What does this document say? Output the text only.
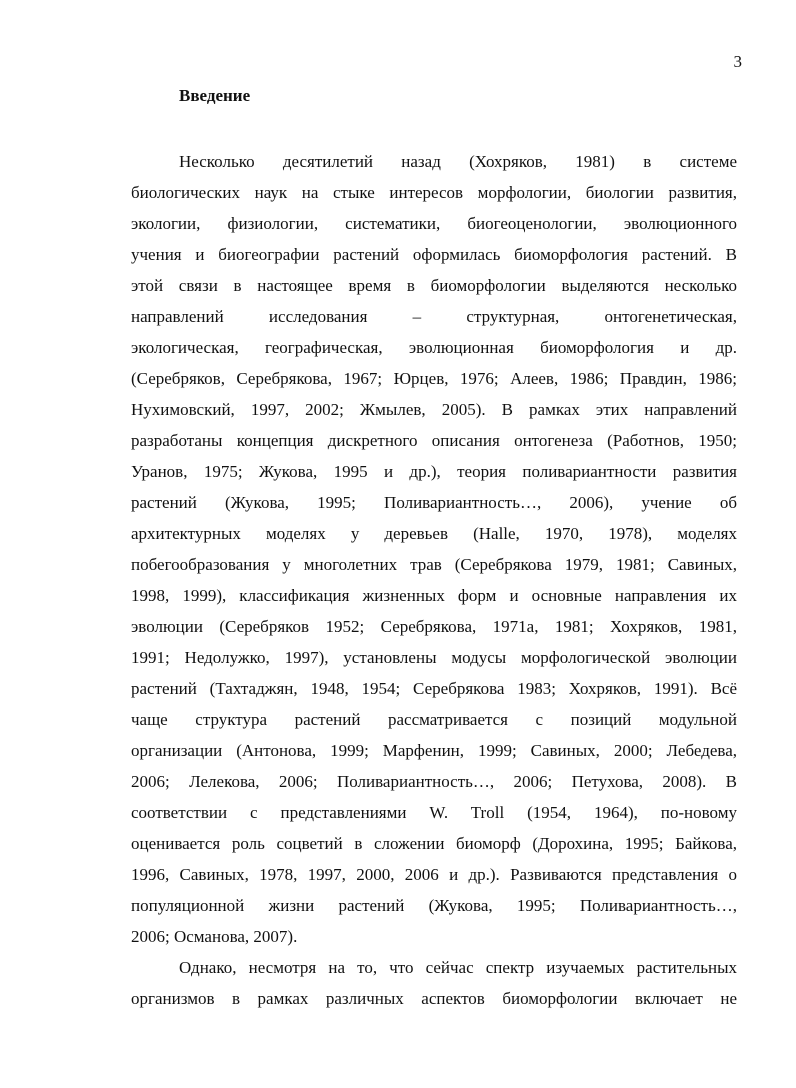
3
Введение
Несколько десятилетий назад (Хохряков, 1981) в системе
биологических наук на стыке интересов морфологии, биологии развития,
экологии, физиологии, систематики, биогеоценологии, эволюционного
учения и биогеографии растений оформилась биоморфология растений. В
этой связи в настоящее время в биоморфологии выделяются несколько
направлений исследования – структурная, онтогенетическая,
экологическая, географическая, эволюционная биоморфология и др.
(Серебряков, Серебрякова, 1967; Юрцев, 1976; Алеев, 1986; Правдин, 1986;
Нухимовский, 1997, 2002; Жмылев, 2005). В рамках этих направлений
разработаны концепция дискретного описания онтогенеза (Работнов, 1950;
Уранов, 1975; Жукова, 1995 и др.), теория поливариантности развития
растений (Жукова, 1995; Поливариантность…, 2006), учение об
архитектурных моделях у деревьев (Halle, 1970, 1978), моделях
побегообразования у многолетних трав (Серебрякова 1979, 1981; Савиных,
1998, 1999), классификация жизненных форм и основные направления их
эволюции (Серебряков 1952; Серебрякова, 1971а, 1981; Хохряков, 1981,
1991; Недолужко, 1997), установлены модусы морфологической эволюции
растений (Тахтаджян, 1948, 1954; Серебрякова 1983; Хохряков, 1991). Всё
чаще структура растений рассматривается с позиций модульной
организации (Антонова, 1999; Марфенин, 1999; Савиных, 2000; Лебедева,
2006; Лелекова, 2006; Поливариантность…, 2006; Петухова, 2008). В
соответствии с представлениями W. Troll (1954, 1964), по-новому
оценивается роль соцветий в сложении биоморф (Дорохина, 1995; Байкова,
1996, Савиных, 1978, 1997, 2000, 2006 и др.). Развиваются представления о
популяционной жизни растений (Жукова, 1995; Поливариантность…,
2006; Османова, 2007).
Однако, несмотря на то, что сейчас спектр изучаемых растительных
организмов в рамках различных аспектов биоморфологии включает не
